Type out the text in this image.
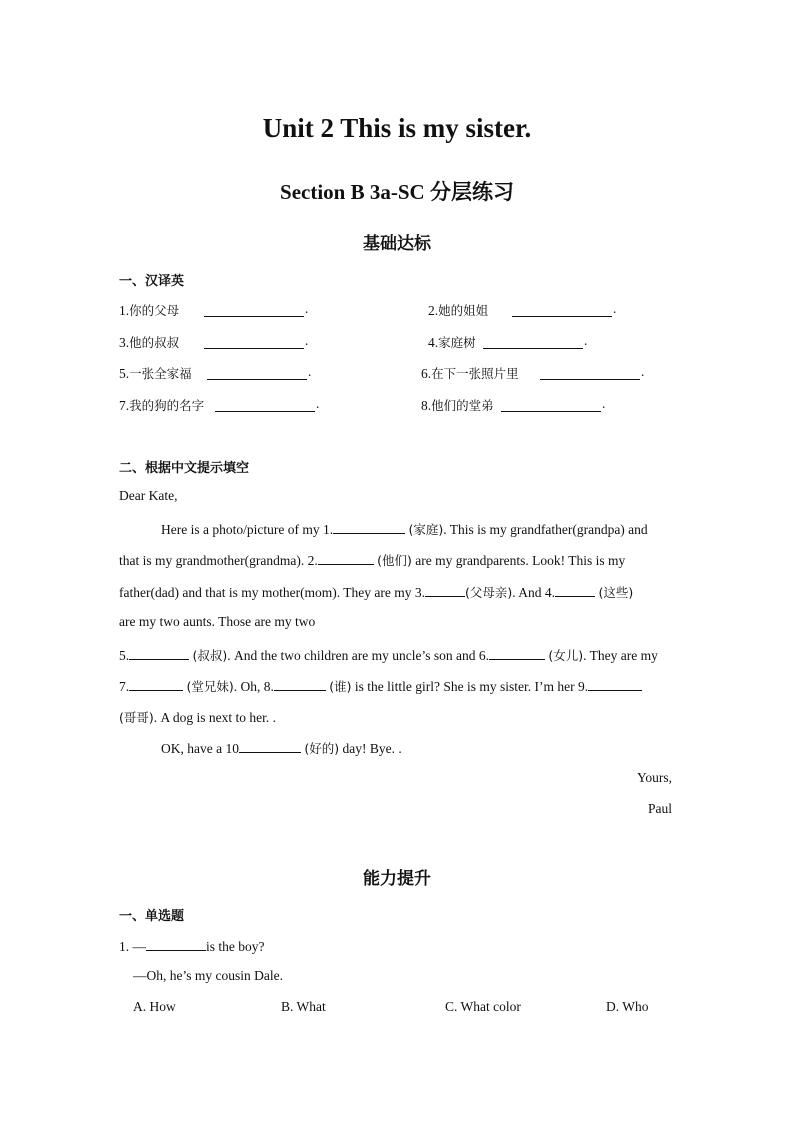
Unit 2 This is my sister.
Section B 3a-SC 分层练习
基础达标
一、汉译英
1.你的父母	.	2.她的姐姐	.
3.他的叔叔	.	4.家庭树	.
5.一张全家福	.	6.在下一张照片里	.
7.我的狗的名字	.	8.他们的堂弟	.
二、根据中文提示填空
Dear Kate,
Here is a photo/picture of my 1.	(家庭). This is my grandfather(grandpa) and
that is my grandmother(grandma). 2.	(他们) are my grandparents. Look! This is my
father(dad) and that is my mother(mom). They are my 3.	(父母亲). And 4.	(这些)
are my two aunts. Those are my two
5.	(叔叔). And the two children are my uncle’s son and 6.	(女儿). They are my
7.	(堂兄妹). Oh, 8.	(谁) is the little girl? She is my sister. I’m her 9.
(哥哥). A dog is next to her. .
OK, have a 10	(好的) day! Bye. .
Yours,
Paul
能力提升
一、单选题
1. —	is the boy?
—Oh, he’s my cousin Dale.
A. How	B. What	C. What color	D. Who
